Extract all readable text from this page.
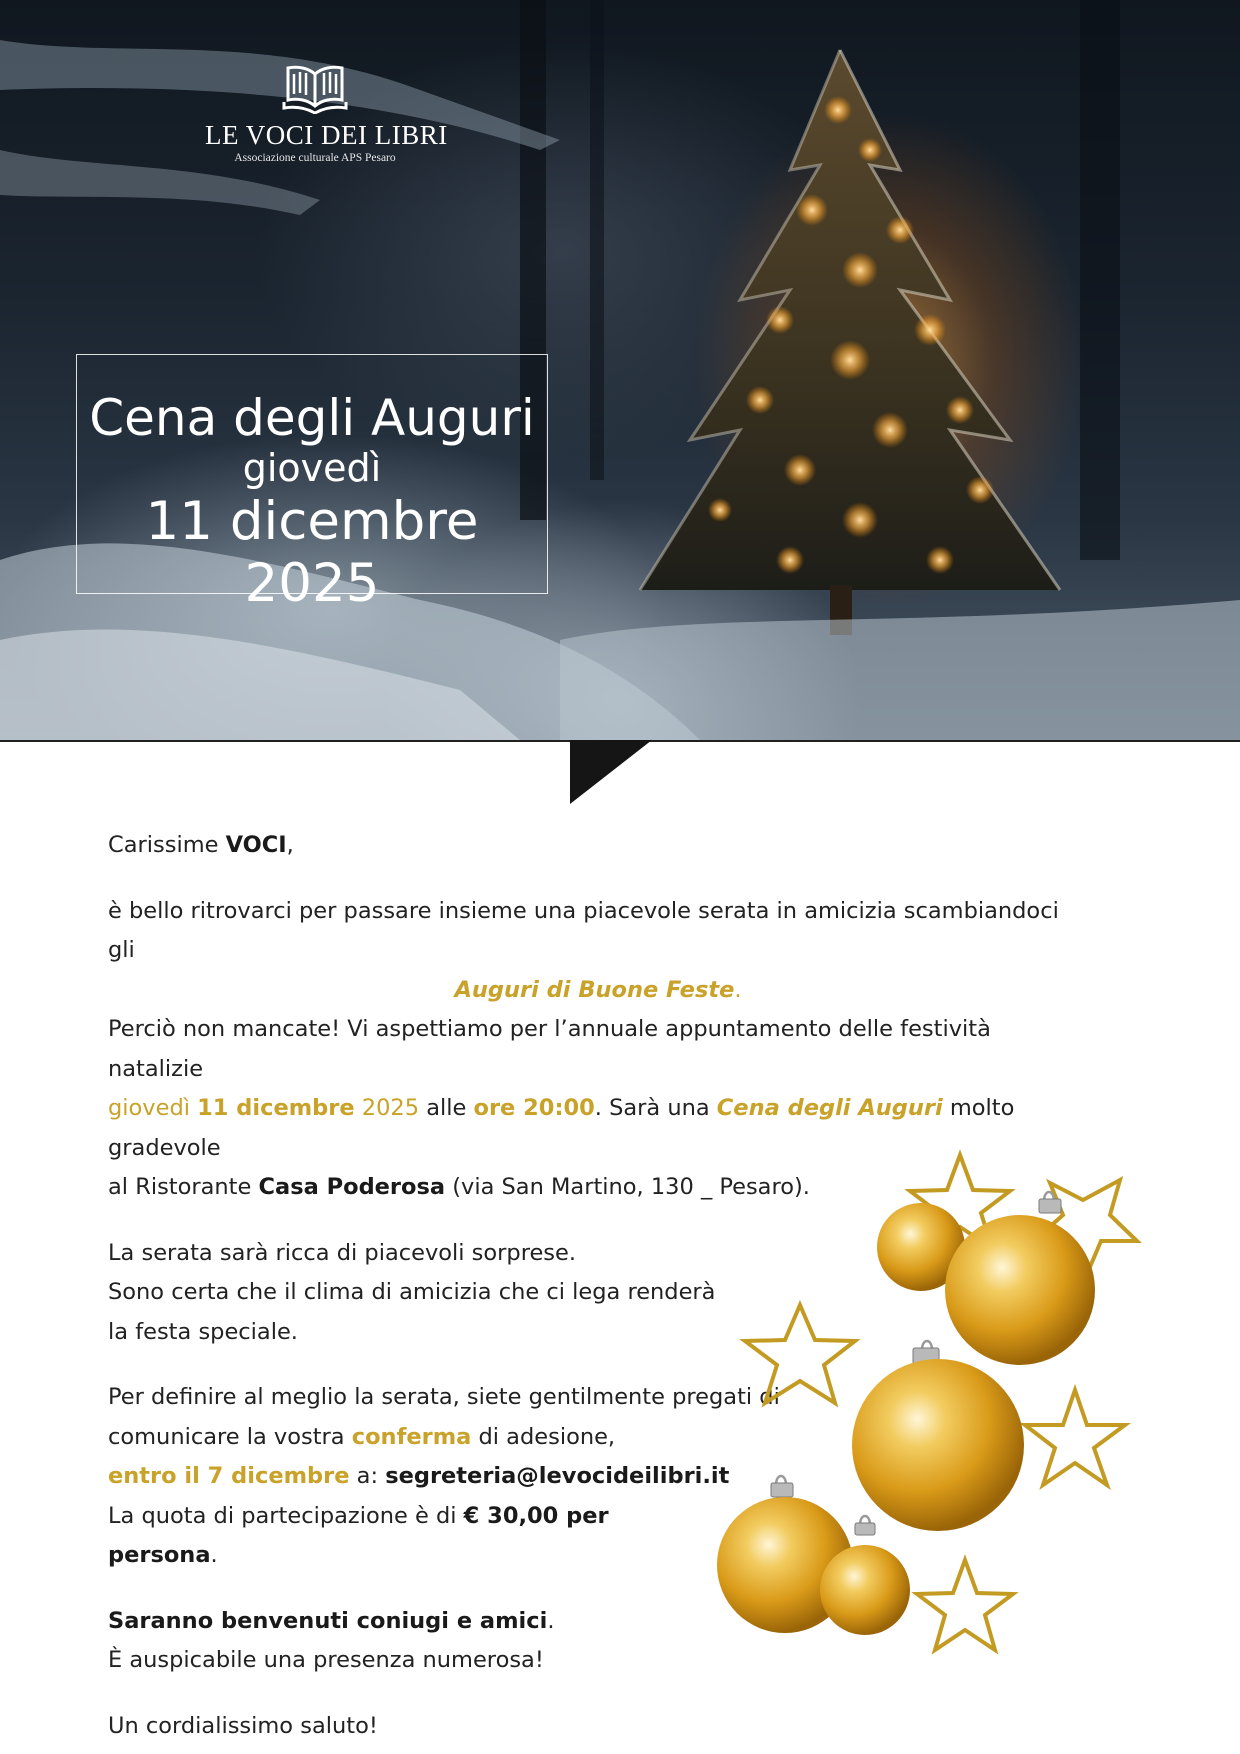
LE VOCI DEI LIBRI
Associazione culturale APS Pesaro
Cena degli Auguri
giovedì
11 dicembre 2025

Carissime VOCI,

è bello ritrovarci per passare insieme una piacevole serata in amicizia scambiandoci gli

Auguri di Buone Feste.

Perciò non mancate! Vi aspettiamo per l’annuale appuntamento delle festività natalizie
giovedì 11 dicembre 2025 alle ore 20:00. Sarà una Cena degli Auguri molto gradevole
al Ristorante Casa Poderosa (via San Martino, 130 _ Pesaro).

La serata sarà ricca di piacevoli sorprese.
Sono certa che il clima di amicizia che ci lega renderà
la festa speciale.

Per definire al meglio la serata, siete gentilmente pregati di
comunicare la vostra conferma di adesione,
entro il 7 dicembre a: segreteria@levocideilibri.it
La quota di partecipazione è di € 30,00 per
persona.

Saranno benvenuti coniugi e amici.
È auspicabile una presenza numerosa!

Un cordialissimo saluto!
